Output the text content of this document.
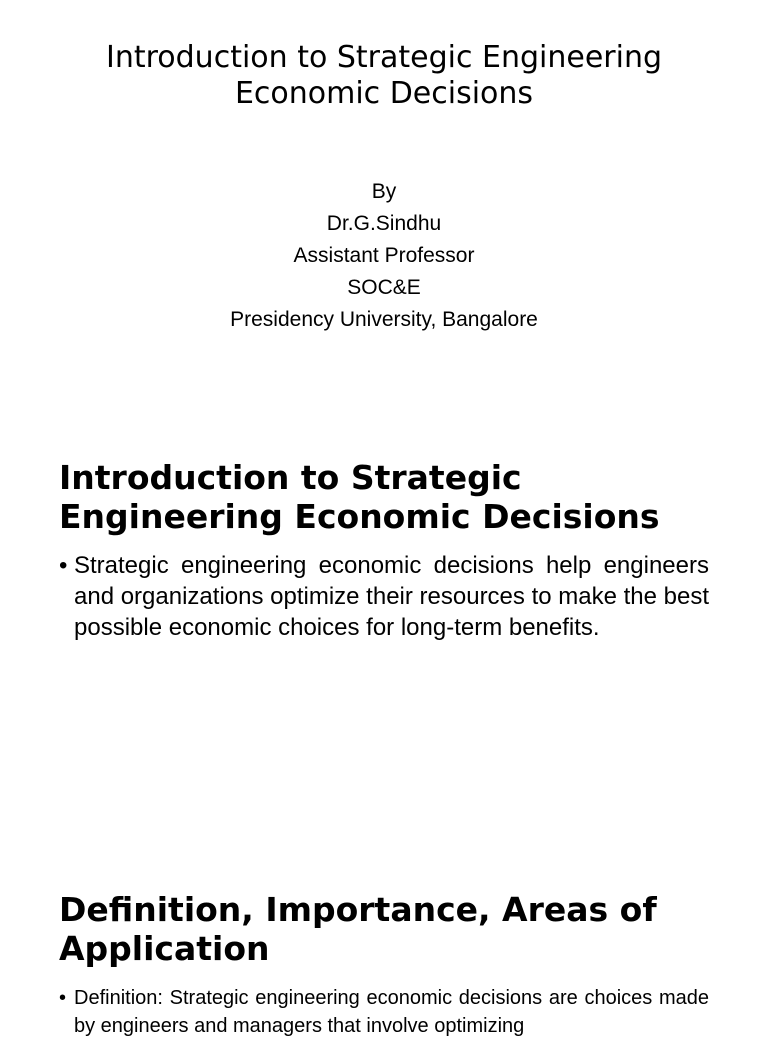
Introduction to Strategic Engineering Economic Decisions
By
Dr.G.Sindhu
Assistant Professor
SOC&E
Presidency University, Bangalore
Introduction to Strategic Engineering Economic Decisions
• Strategic engineering economic decisions help engineers and organizations optimize their resources to make the best possible economic choices for long-term benefits.
Definition, Importance, Areas of Application
• Definition: Strategic engineering economic decisions are choices made by engineers and managers that involve optimizing
